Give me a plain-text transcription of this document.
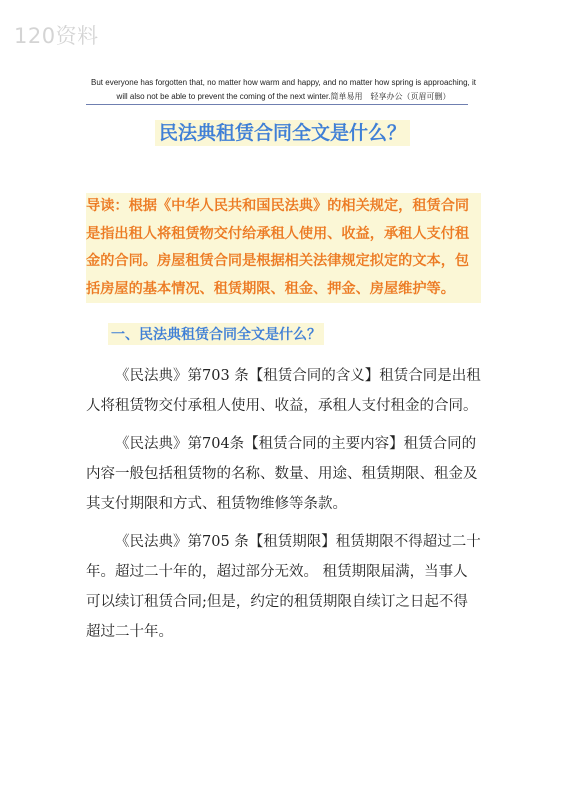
120资料
But everyone has forgotten that, no matter how warm and happy, and no matter how spring is approaching, it
will also not be able to prevent the coming of the next winter.简单易用　轻享办公（页眉可删）
民法典租赁合同全文是什么？

导读：根据《中华人民共和国民法典》的相关规定，租赁合同是指出租人将租赁物交付给承租人使用、收益，承租人支付租金的合同。房屋租赁合同是根据相关法律规定拟定的文本，包括房屋的基本情况、租赁期限、租金、押金、房屋维护等。

一、民法典租赁合同全文是什么？

《民法典》第703 条【租赁合同的含义】租赁合同是出租人将租赁物交付承租人使用、收益，承租人支付租金的合同。

《民法典》第704条【租赁合同的主要内容】租赁合同的内容一般包括租赁物的名称、数量、用途、租赁期限、租金及其支付期限和方式、租赁物维修等条款。

《民法典》第705 条【租赁期限】租赁期限不得超过二十年。超过二十年的，超过部分无效。 租赁期限届满，当事人可以续订租赁合同;但是，约定的租赁期限自续订之日起不得超过二十年。
